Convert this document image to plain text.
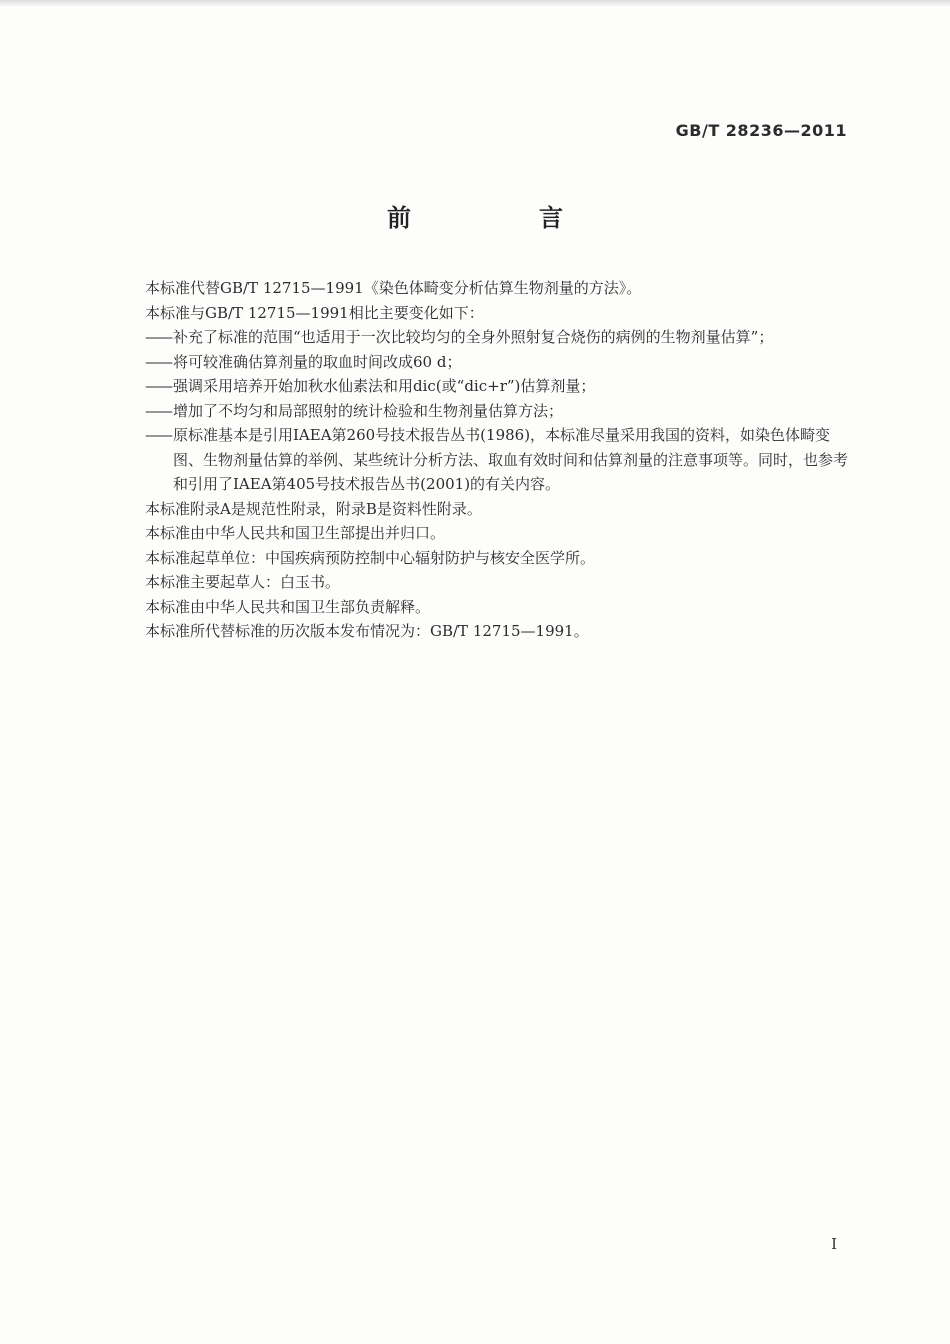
GB/T 28236—2011
前　言
本标准代替GB/T 12715—1991《染色体畸变分析估算生物剂量的方法》。
本标准与GB/T 12715—1991相比主要变化如下：
—— 补充了标准的范围“也适用于一次比较均匀的全身外照射复合烧伤的病例的生物剂量估算”；
—— 将可较准确估算剂量的取血时间改成60 d；
—— 强调采用培养开始加秋水仙素法和用dic(或“dic+r”)估算剂量；
—— 增加了不均匀和局部照射的统计检验和生物剂量估算方法；
—— 原标准基本是引用IAEA第260号技术报告丛书(1986)，本标准尽量采用我国的资料，如染色体畸变图、生物剂量估算的举例、某些统计分析方法、取血有效时间和估算剂量的注意事项等。同时，也参考和引用了IAEA第405号技术报告丛书(2001)的有关内容。
本标准附录A是规范性附录，附录B是资料性附录。
本标准由中华人民共和国卫生部提出并归口。
本标准起草单位：中国疾病预防控制中心辐射防护与核安全医学所。
本标准主要起草人：白玉书。
本标准由中华人民共和国卫生部负责解释。
本标准所代替标准的历次版本发布情况为：GB/T 12715—1991。
I
